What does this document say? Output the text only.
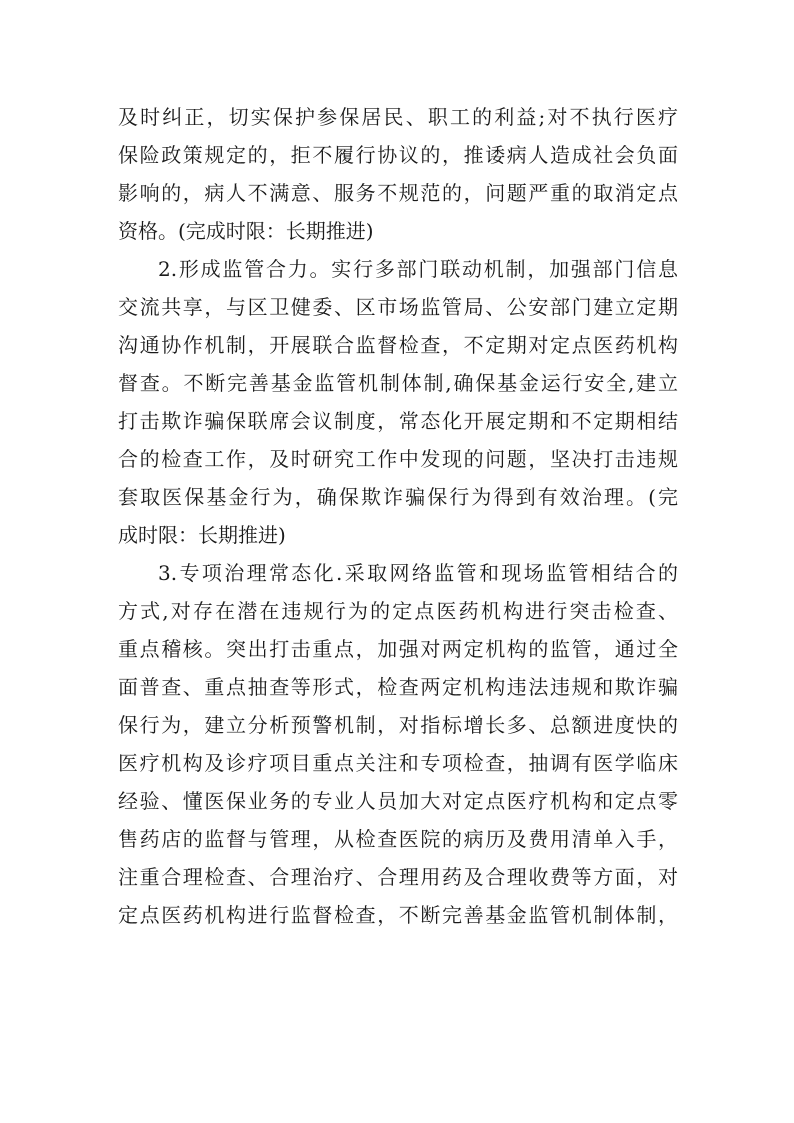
及时纠正，切实保护参保居民、职工的利益;对不执行医疗
保险政策规定的，拒不履行协议的，推诿病人造成社会负面
影响的，病人不满意、服务不规范的，问题严重的取消定点
资格。(完成时限：长期推进)
2.形成监管合力。实行多部门联动机制，加强部门信息
交流共享，与区卫健委、区市场监管局、公安部门建立定期
沟通协作机制，开展联合监督检查，不定期对定点医药机构
督查。不断完善基金监管机制体制,确保基金运行安全,建立
打击欺诈骗保联席会议制度，常态化开展定期和不定期相结
合的检查工作，及时研究工作中发现的问题，坚决打击违规
套取医保基金行为，确保欺诈骗保行为得到有效治理。(完
成时限：长期推进)
3.专项治理常态化.采取网络监管和现场监管相结合的
方式,对存在潜在违规行为的定点医药机构进行突击检查、
重点稽核。突出打击重点，加强对两定机构的监管，通过全
面普查、重点抽查等形式，检查两定机构违法违规和欺诈骗
保行为，建立分析预警机制，对指标增长多、总额进度快的
医疗机构及诊疗项目重点关注和专项检查，抽调有医学临床
经验、懂医保业务的专业人员加大对定点医疗机构和定点零
售药店的监督与管理，从检查医院的病历及费用清单入手，
注重合理检查、合理治疗、合理用药及合理收费等方面，对
定点医药机构进行监督检查，不断完善基金监管机制体制，
